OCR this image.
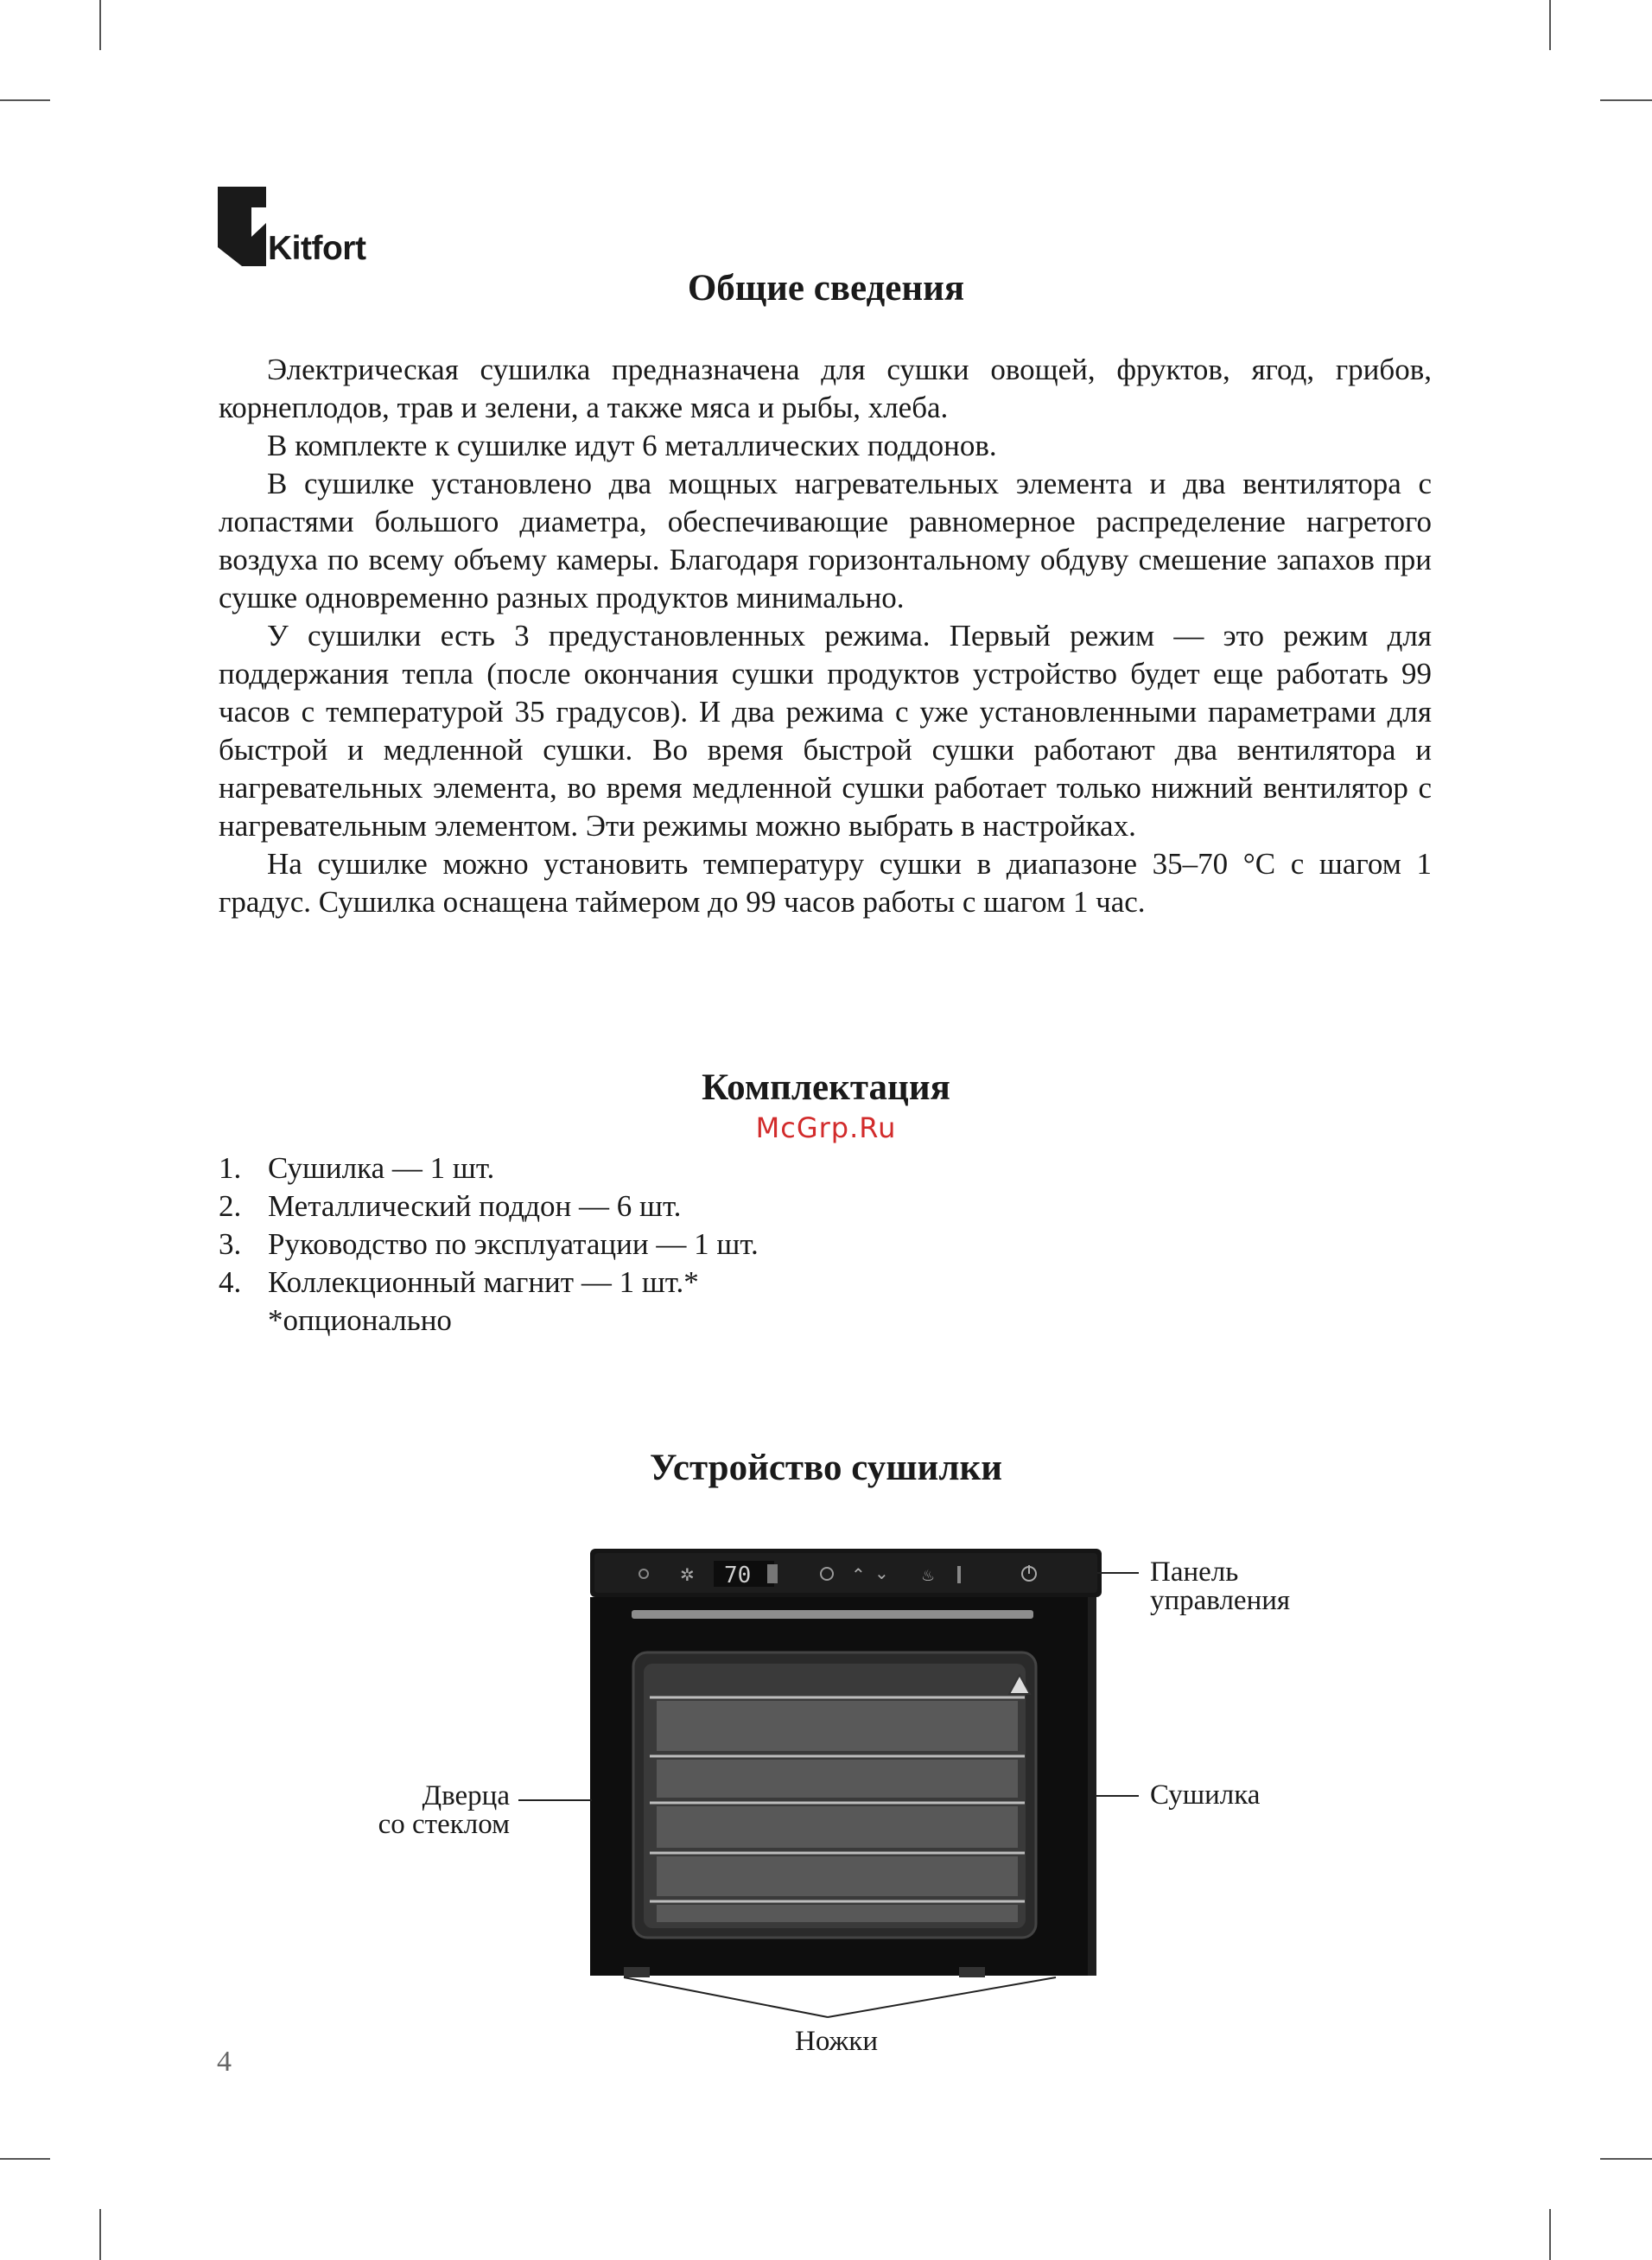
Kitfort
Общие сведения

Электрическая сушилка предназначена для сушки овощей, фруктов, ягод, грибов, корнеплодов, трав и зелени, а также мяса и рыбы, хлеба.

В комплекте к сушилке идут 6 металлических поддонов.

В сушилке установлено два мощных нагревательных элемента и два вентилятора с лопастями большого диаметра, обеспечивающие равномерное распределение нагретого воздуха по всему объему камеры. Благодаря горизонтальному обдуву смешение запахов при сушке одновременно разных продуктов минимально.

У сушилки есть 3 предустановленных режима. Первый режим — это режим для поддержания тепла (после окончания сушки продуктов устройство будет еще работать 99 часов с температурой 35 градусов). И два режима с уже установленными параметрами для быстрой и медленной сушки. Во время быстрой сушки работают два вентилятора и нагревательных элемента, во время медленной сушки работает только нижний вентилятор с нагревательным элементом. Эти режимы можно выбрать в настройках.

На сушилке можно установить температуру сушки в диапазоне 35–70 °С с шагом 1 градус. Сушилка оснащена таймером до 99 часов работы с шагом 1 час.

Комплектация
McGrp.Ru
1. Сушилка — 1 шт.
2. Металлический поддон — 6 шт.
3. Руководство по эксплуатации — 1 шт.
4. Коллекционный магнит — 1 шт.*
*опционально
Устройство сушилки
✲ 70	⌃ ⌄ ♨	Панель
управления
Сушилка
Дверца
со стеклом
Ножки
4
